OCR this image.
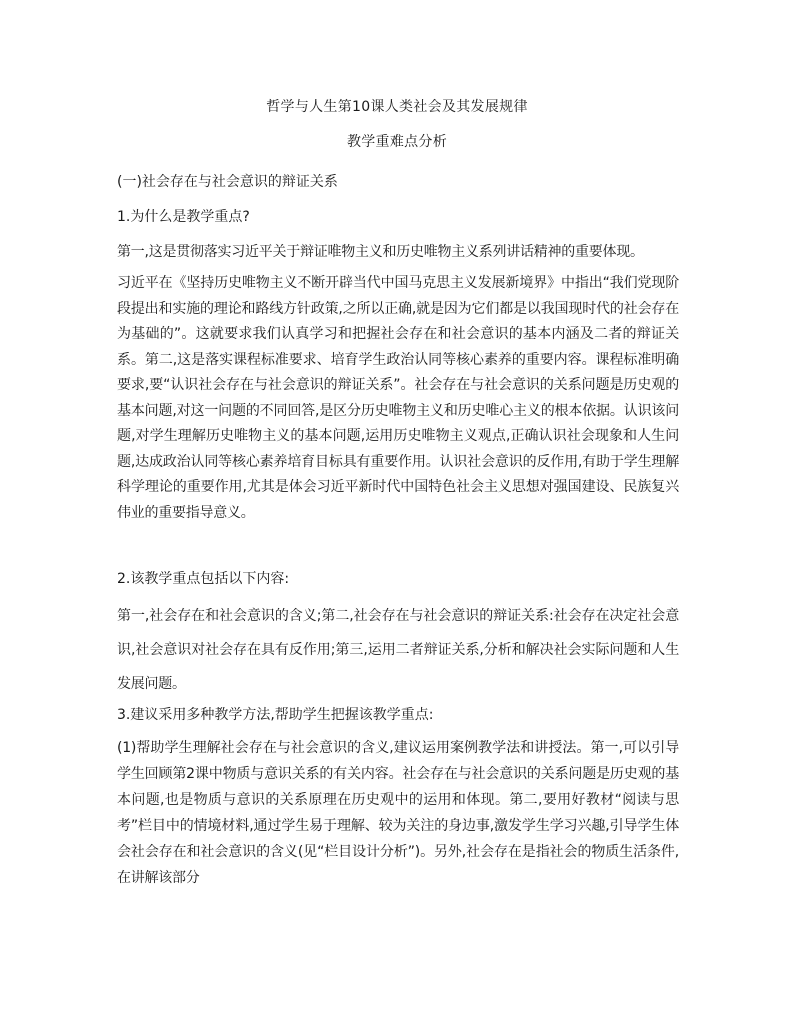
哲学与人生第10课人类社会及其发展规律
教学重难点分析
(一)社会存在与社会意识的辩证关系
1.为什么是教学重点?

第一,这是贯彻落实习近平关于辩证唯物主义和历史唯物主义系列讲话精神的重要体现。

习近平在《坚持历史唯物主义不断开辟当代中国马克思主义发展新境界》中指出“我们党现阶段提出和实施的理论和路线方针政策,之所以正确,就是因为它们都是以我国现时代的社会存在为基础的”。这就要求我们认真学习和把握社会存在和社会意识的基本内涵及二者的辩证关系。第二,这是落实课程标准要求、培育学生政治认同等核心素养的重要内容。课程标准明确要求,要“认识社会存在与社会意识的辩证关系”。社会存在与社会意识的关系问题是历史观的基本问题,对这一问题的不同回答,是区分历史唯物主义和历史唯心主义的根本依据。认识该问题,对学生理解历史唯物主义的基本问题,运用历史唯物主义观点,正确认识社会现象和人生问题,达成政治认同等核心素养培育目标具有重要作用。认识社会意识的反作用,有助于学生理解科学理论的重要作用,尤其是体会习近平新时代中国特色社会主义思想对强国建设、民族复兴伟业的重要指导意义。

2.该教学重点包括以下内容:

第一,社会存在和社会意识的含义;第二,社会存在与社会意识的辩证关系:社会存在决定社会意识,社会意识对社会存在具有反作用;第三,运用二者辩证关系,分析和解决社会实际问题和人生发展问题。

3.建议采用多种教学方法,帮助学生把握该教学重点:

(1)帮助学生理解社会存在与社会意识的含义,建议运用案例教学法和讲授法。第一,可以引导学生回顾第2课中物质与意识关系的有关内容。社会存在与社会意识的关系问题是历史观的基本问题,也是物质与意识的关系原理在历史观中的运用和体现。第二,要用好教材“阅读与思考”栏目中的情境材料,通过学生易于理解、较为关注的身边事,激发学生学习兴趣,引导学生体会社会存在和社会意识的含义(见“栏目设计分析”)。另外,社会存在是指社会的物质生活条件,在讲解该部分
